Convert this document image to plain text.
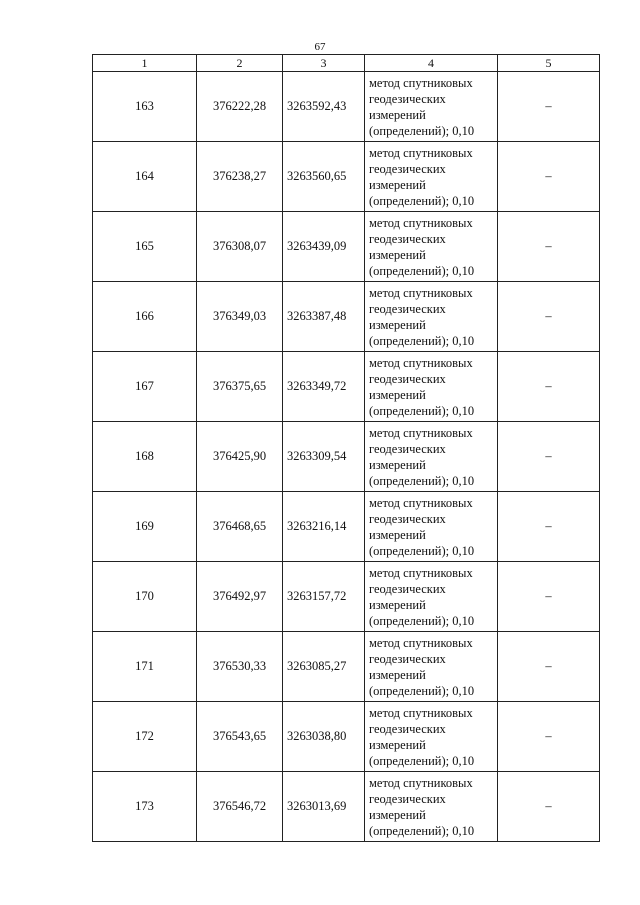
67
1	2	3	4	5
163	376222,28	3263592,43	метод спутниковых
геодезических
измерений
(определений); 0,10	–
164	376238,27	3263560,65	метод спутниковых
геодезических
измерений
(определений); 0,10	–
165	376308,07	3263439,09	метод спутниковых
геодезических
измерений
(определений); 0,10	–
166	376349,03	3263387,48	метод спутниковых
геодезических
измерений
(определений); 0,10	–
167	376375,65	3263349,72	метод спутниковых
геодезических
измерений
(определений); 0,10	–
168	376425,90	3263309,54	метод спутниковых
геодезических
измерений
(определений); 0,10	–
169	376468,65	3263216,14	метод спутниковых
геодезических
измерений
(определений); 0,10	–
170	376492,97	3263157,72	метод спутниковых
геодезических
измерений
(определений); 0,10	–
171	376530,33	3263085,27	метод спутниковых
геодезических
измерений
(определений); 0,10	–
172	376543,65	3263038,80	метод спутниковых
геодезических
измерений
(определений); 0,10	–
173	376546,72	3263013,69	метод спутниковых
геодезических
измерений
(определений); 0,10	–
